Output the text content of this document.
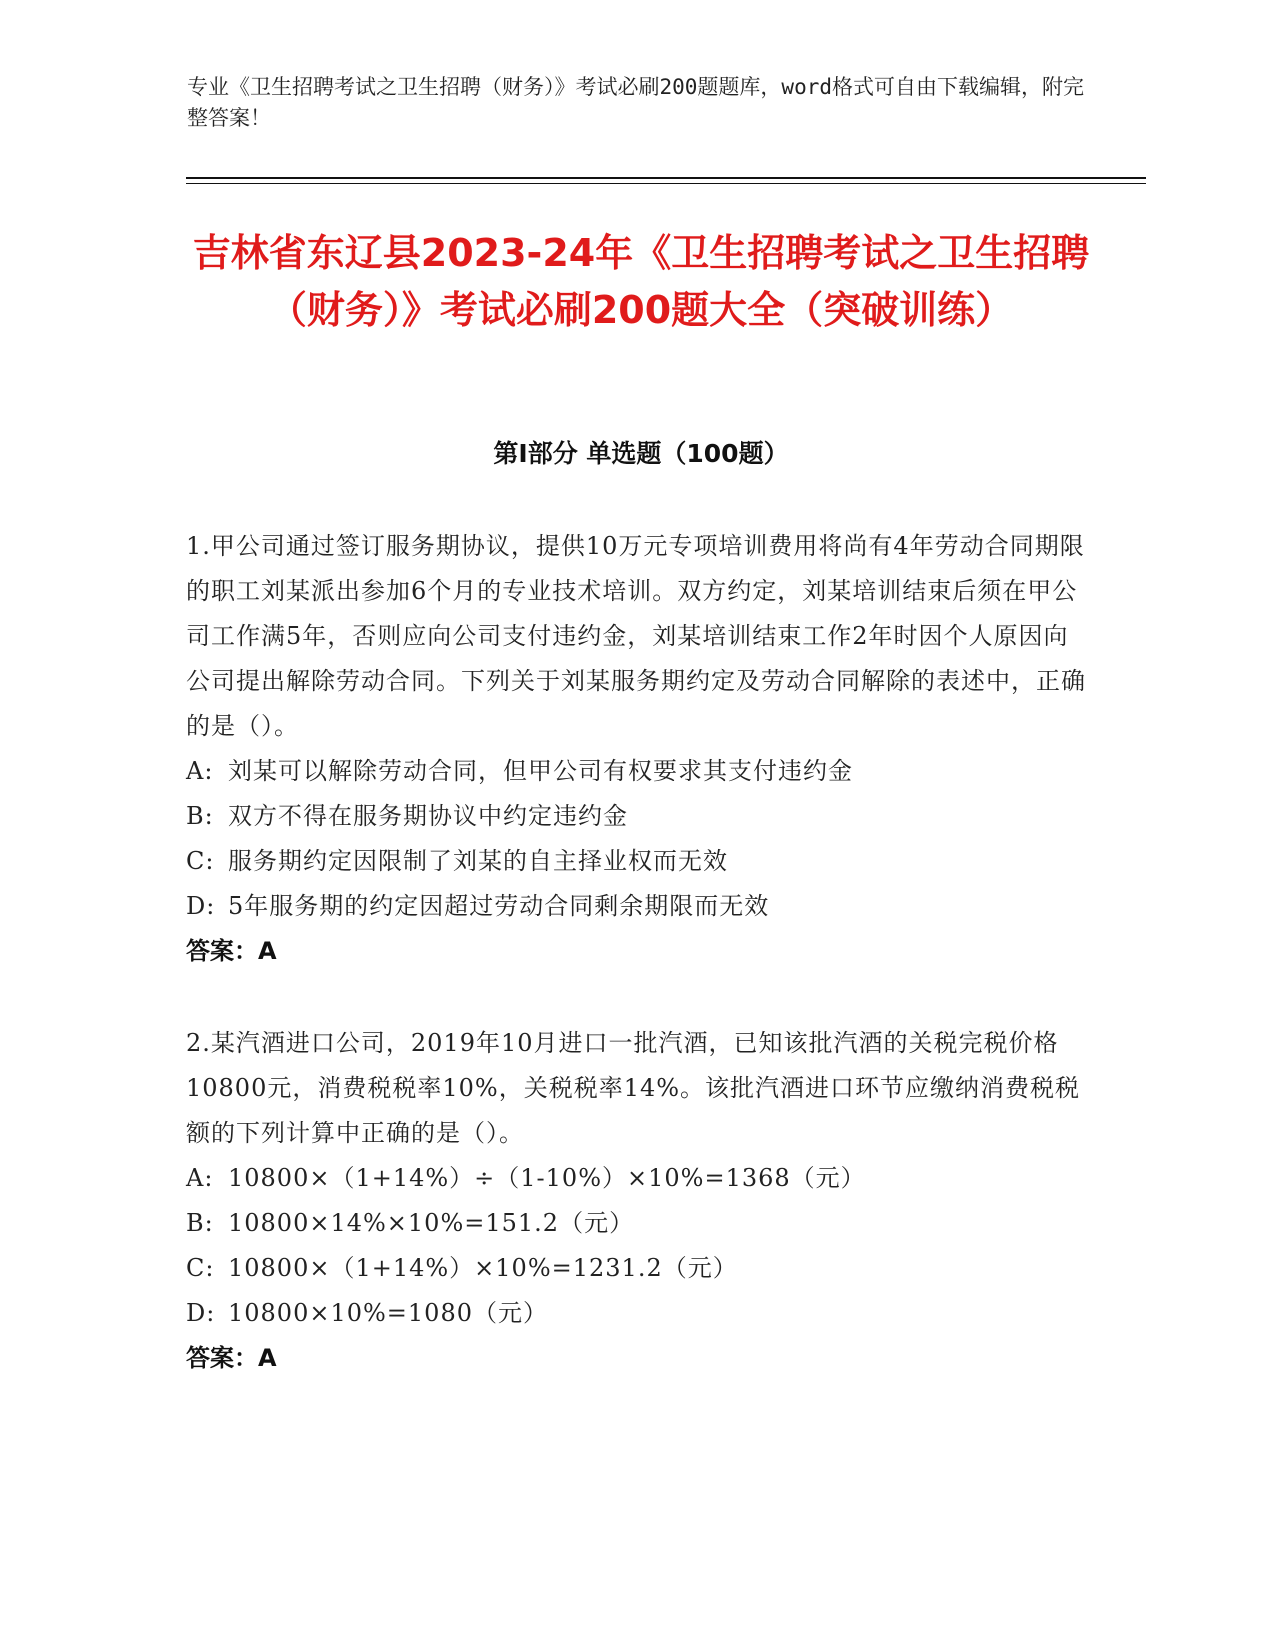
专业《卫生招聘考试之卫生招聘（财务）》考试必刷200题题库，word格式可自由下载编辑，附完整答案！
吉林省东辽县2023-24年《卫生招聘考试之卫生招聘（财务）》考试必刷200题大全（突破训练）
第Ⅰ部分 单选题（100题）

1.甲公司通过签订服务期协议，提供10万元专项培训费用将尚有4年劳动合同期限的职工刘某派出参加6个月的专业技术培训。双方约定，刘某培训结束后须在甲公司工作满5年，否则应向公司支付违约金，刘某培训结束工作2年时因个人原因向公司提出解除劳动合同。下列关于刘某服务期约定及劳动合同解除的表述中，正确的是（）。

A: 刘某可以解除劳动合同，但甲公司有权要求其支付违约金

B: 双方不得在服务期协议中约定违约金

C: 服务期约定因限制了刘某的自主择业权而无效

D: 5年服务期的约定因超过劳动合同剩余期限而无效

答案：A

2.某汽酒进口公司，2019年10月进口一批汽酒，已知该批汽酒的关税完税价格10800元，消费税税率10%，关税税率14%。该批汽酒进口环节应缴纳消费税税额的下列计算中正确的是（）。

A: 10800×（1+14%）÷（1-10%）×10%=1368（元）

B: 10800×14%×10%=151.2（元）

C: 10800×（1+14%）×10%=1231.2（元）

D: 10800×10%=1080（元）

答案：A
